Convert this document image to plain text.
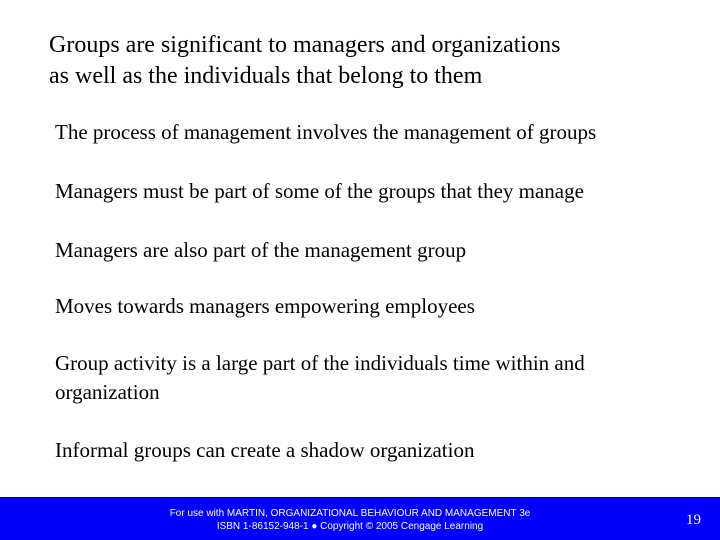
Groups are significant to managers and organizations
as well as the individuals that belong to them
The process of management involves the management of groups
Managers must be part of some of the groups that they manage
Managers are also part of the management group
Moves towards managers empowering employees
Group activity is a large part of the individuals time within and
organization
Informal groups can create a shadow organization
For use with MARTIN, ORGANIZATIONAL BEHAVIOUR AND MANAGEMENT 3e
ISBN 1-86152-948-1 ● Copyright © 2005 Cengage Learning	19
